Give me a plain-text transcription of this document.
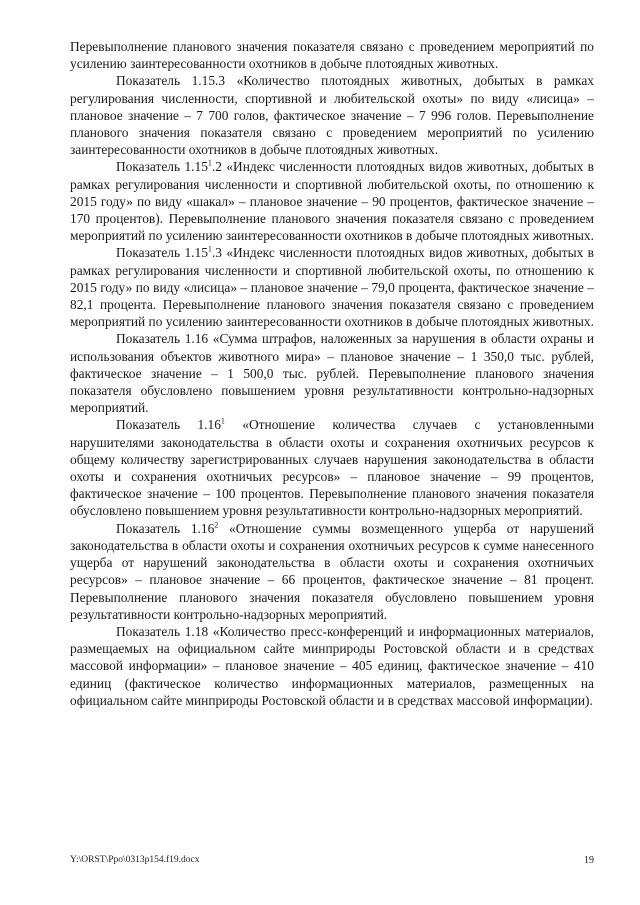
Перевыполнение планового значения показателя связано с проведением мероприятий по усилению заинтересованности охотников в добыче плотоядных животных.

Показатель 1.15.3 «Количество плотоядных животных, добытых в рамках регулирования численности, спортивной и любительской охоты» по виду «лисица» – плановое значение – 7 700 голов, фактическое значение – 7 996 голов. Перевыполнение планового значения показателя связано с проведением мероприятий по усилению заинтересованности охотников в добыче плотоядных животных.

Показатель 1.15$^1$.2 «Индекс численности плотоядных видов животных, добытых в рамках регулирования численности и спортивной любительской охоты, по отношению к 2015 году» по виду «шакал» – плановое значение – 90 процентов, фактическое значение – 170 процентов). Перевыполнение планового значения показателя связано с проведением мероприятий по усилению заинтересованности охотников в добыче плотоядных животных.

Показатель 1.15$^1$.3 «Индекс численности плотоядных видов животных, добытых в рамках регулирования численности и спортивной любительской охоты, по отношению к 2015 году» по виду «лисица» – плановое значение – 79,0 процента, фактическое значение – 82,1 процента. Перевыполнение планового значения показателя связано с проведением мероприятий по усилению заинтересованности охотников в добыче плотоядных животных.

Показатель 1.16 «Сумма штрафов, наложенных за нарушения в области охраны и использования объектов животного мира» – плановое значение – 1 350,0 тыс. рублей, фактическое значение – 1 500,0 тыс. рублей. Перевыполнение планового значения показателя обусловлено повышением уровня результативности контрольно-надзорных мероприятий.

Показатель 1.16$^1$ «Отношение количества случаев с установленными нарушителями законодательства в области охоты и сохранения охотничьих ресурсов к общему количеству зарегистрированных случаев нарушения законодательства в области охоты и сохранения охотничьих ресурсов» – плановое значение – 99 процентов, фактическое значение – 100 процентов. Перевыполнение планового значения показателя обусловлено повышением уровня результативности контрольно-надзорных мероприятий.

Показатель 1.16$^2$ «Отношение суммы возмещенного ущерба от нарушений законодательства в области охоты и сохранения охотничьих ресурсов к сумме нанесенного ущерба от нарушений законодательства в области охоты и сохранения охотничьих ресурсов» – плановое значение – 66 процентов, фактическое значение – 81 процент. Перевыполнение планового значения показателя обусловлено повышением уровня результативности контрольно-надзорных мероприятий.

Показатель 1.18 «Количество пресс-конференций и информационных материалов, размещаемых на официальном сайте минприроды Ростовской области и в средствах массовой информации» – плановое значение – 405 единиц, фактическое значение – 410 единиц (фактическое количество информационных материалов, размещенных на официальном сайте минприроды Ростовской области и в средствах массовой информации).

Y:\ORST\Ppo\0313p154.f19.docx	19
